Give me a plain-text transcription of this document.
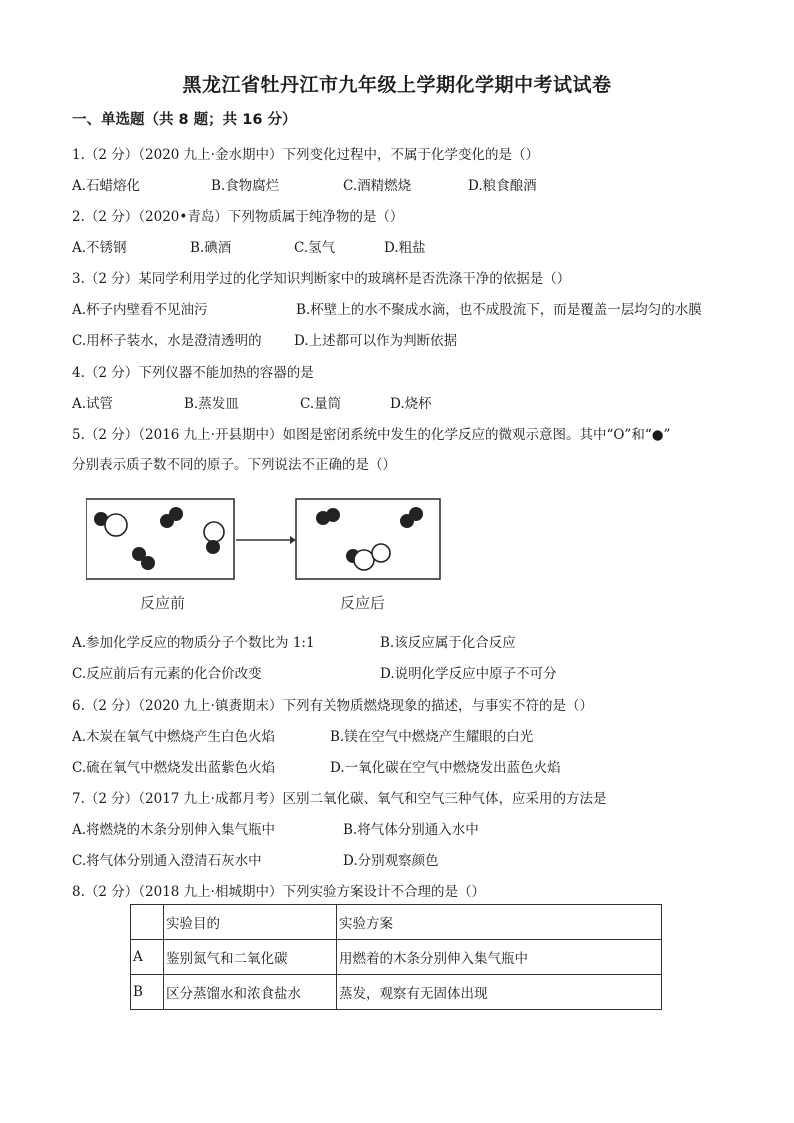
黑龙江省牡丹江市九年级上学期化学期中考试试卷
一、单选题（共 8 题；共 16 分）
1.（2 分）（2020 九上·金水期中）下列变化过程中，不属于化学变化的是（）
A.石蜡熔化	B.食物腐烂	C.酒精燃烧	D.粮食酿酒
2.（2 分）（2020•青岛）下列物质属于纯净物的是（）
A.不锈钢	B.碘酒	C.氢气	D.粗盐
3.（2 分）某同学利用学过的化学知识判断家中的玻璃杯是否洗涤干净的依据是（）
A.杯子内壁看不见油污	B.杯壁上的水不聚成水滴，也不成股流下，而是覆盖一层均匀的水膜
C.用杯子装水，水是澄清透明的 D.上述都可以作为判断依据
4.（2 分）下列仪器不能加热的容器的是
A.试管	B.蒸发皿	C.量筒	D.烧杯
5.（2 分）（2016 九上·开县期中）如图是密闭系统中发生的化学反应的微观示意图。其中“O”和“●”
分别表示质子数不同的原子。下列说法不正确的是（）
反应前	反应后
A.参加化学反应的物质分子个数比为 1:1	B.该反应属于化合反应
C.反应前后有元素的化合价改变	D.说明化学反应中原子不可分
6.（2 分）（2020 九上·镇赉期末）下列有关物质燃烧现象的描述，与事实不符的是（）
A.木炭在氧气中燃烧产生白色火焰	B.镁在空气中燃烧产生耀眼的白光
C.硫在氧气中燃烧发出蓝紫色火焰	D.一氧化碳在空气中燃烧发出蓝色火焰
7.（2 分）（2017 九上·成都月考）区别二氧化碳、氧气和空气三种气体，应采用的方法是
A.将燃烧的木条分别伸入集气瓶中	B.将气体分别通入水中
C.将气体分别通入澄清石灰水中	D.分别观察颜色
8.（2 分）（2018 九上·相城期中）下列实验方案设计不合理的是（）
	实验目的	实验方案
A	鉴别氮气和二氧化碳	用燃着的木条分别伸入集气瓶中
B	区分蒸馏水和浓食盐水	蒸发，观察有无固体出现
